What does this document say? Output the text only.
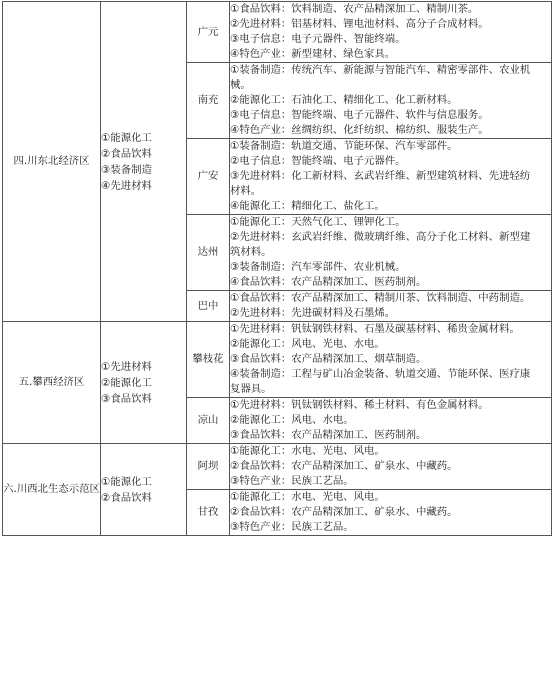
四.川东北经济区	①能源化工
②食品饮料
③装备制造
④先进材料	广元	①食品饮料：饮料制造、农产品精深加工、精制川茶。
②先进材料：铝基材料、锂电池材料、高分子合成材料。
③电子信息：电子元器件、智能终端。
④特色产业：新型建材、绿色家具。

		南充	①装备制造：传统汽车、新能源与智能汽车、精密零部件、农业机
械。
②能源化工：石油化工、精细化工、化工新材料。
③电子信息：智能终端、电子元器件、软件与信息服务。
④特色产业：丝绸纺织、化纤纺织、棉纺织、服装生产。

		广安	①装备制造：轨道交通、节能环保、汽车零部件。
②电子信息：智能终端、电子元器件。
③先进材料：化工新材料、玄武岩纤维、新型建筑材料、先进轻纺
材料。
④能源化工：精细化工、盐化工。

		达州	①能源化工：天然气化工、锂钾化工。
②先进材料：玄武岩纤维、微玻璃纤维、高分子化工材料、新型建
筑材料。
③装备制造：汽车零部件、农业机械。
④食品饮料：农产品精深加工、医药制剂。

		巴中	①食品饮料：农产品精深加工、精制川茶、饮料制造、中药制造。
②先进材料：先进碳材料及石墨烯。

五.攀西经济区	①先进材料
②能源化工
③食品饮料	攀枝花	①先进材料：钒钛钢铁材料、石墨及碳基材料、稀贵金属材料。
②能源化工：风电、光电、水电。
③食品饮料：农产品精深加工、烟草制造。
④装备制造：工程与矿山冶金装备、轨道交通、节能环保、医疗康
复器具。

		凉山	①先进材料：钒钛钢铁材料、稀土材料、有色金属材料。
②能源化工：风电、水电。
③食品饮料：农产品精深加工、医药制剂。

六.川西北生态示范区	①能源化工
②食品饮料	阿坝	①能源化工：水电、光电、风电。
②食品饮料：农产品精深加工、矿泉水、中藏药。
③特色产业：民族工艺品。

		甘孜	①能源化工：水电、光电、风电。
②食品饮料：农产品精深加工、矿泉水、中藏药。
③特色产业：民族工艺品。
